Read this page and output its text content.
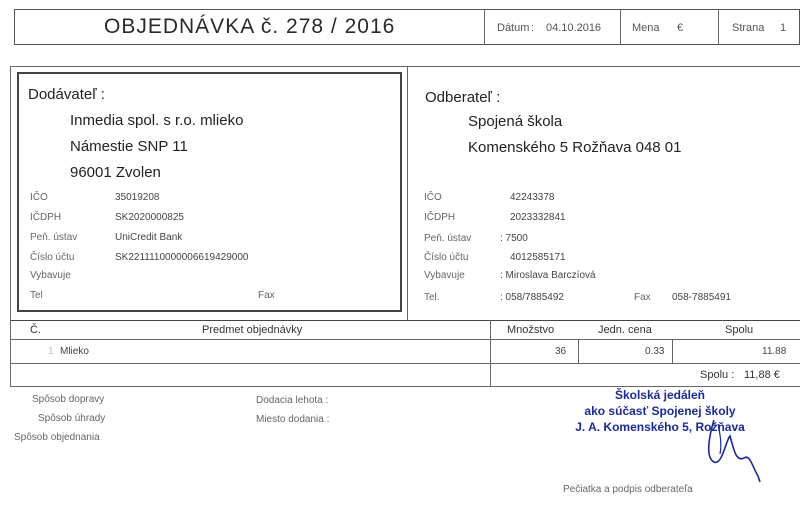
OBJEDNÁVKA č. 278 / 2016	Dátum : 04.10.2016	Mena €	Strana 1
Dodávateľ :
Inmedia spol. s r.o. mlieko
Námestie SNP 11
96001 Zvolen
IČO	35019208
IČDPH	SK2020000825
Peň. ústav	UniCredit Bank
Číslo účtu	SK2211110000006619429000
Vybavuje
Tel	Fax
Odberateľ :
Spojená škola
Komenského 5 Rožňava 048 01
IČO	42243378
IČDPH	2023332841
Peň. ústav	: 7500
Číslo účtu	4012585171
Vybavuje	: Miroslava Barczíová
Tel.	: 058/7885492	Fax 058-7885491
Č.	Predmet objednávky	Množstvo	Jedn. cena	Spolu
1 Mlieko	36	0.33	11.88
Spolu : 11,88 €
Spôsob dopravy
Spôsob úhrady
Spôsob objednania
Dodacia lehota :
Miesto dodania :
Školská jedáleň
ako súčasť Spojenej školy
J. A. Komenského 5, Rožňava
Pečiatka a podpis odberateľa
